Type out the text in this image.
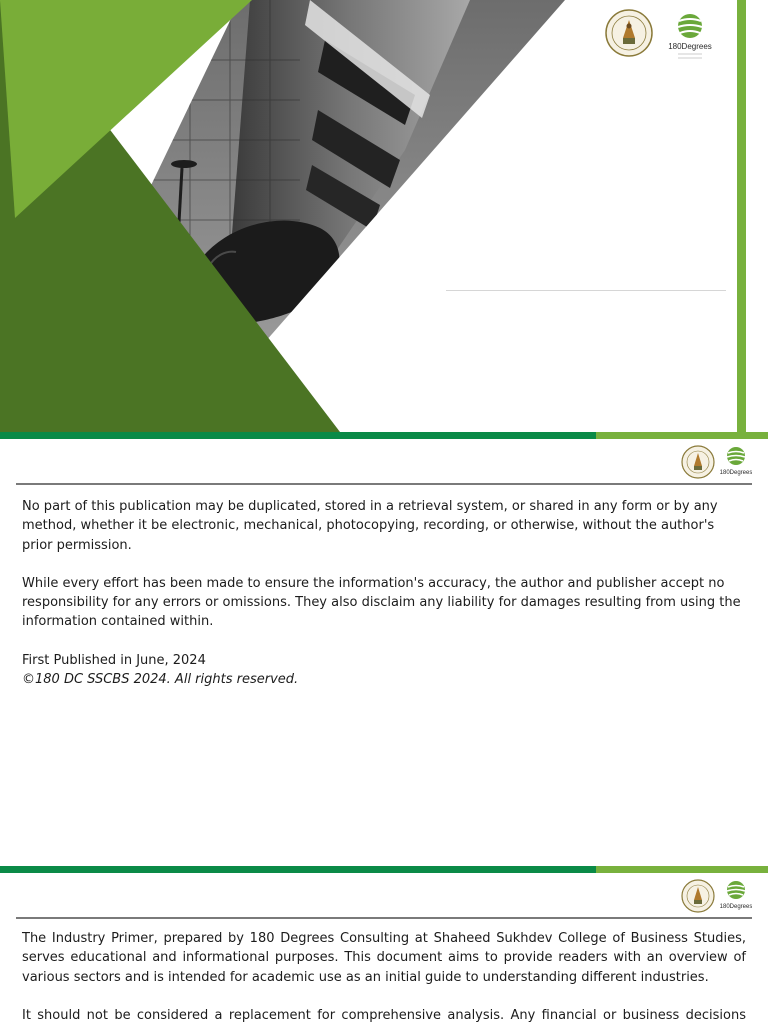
180Degrees
180Degrees

No part of this publication may be duplicated, stored in a retrieval system, or shared in any form or by any method, whether it be electronic, mechanical, photocopying, recording, or otherwise, without the author's prior permission.

While every effort has been made to ensure the information's accuracy, the author and publisher accept no responsibility for any errors or omissions. They also disclaim any liability for damages resulting from using the information contained within.

First Published in June, 2024
©180 DC SSCBS 2024. All rights reserved.

180Degrees

The Industry Primer, prepared by 180 Degrees Consulting at Shaheed Sukhdev College of Business Studies, serves educational and informational purposes. This document aims to provide readers with an overview of various sectors and is intended for academic use as an initial guide to understanding different industries.

It should not be considered a replacement for comprehensive analysis. Any financial or business decisions
